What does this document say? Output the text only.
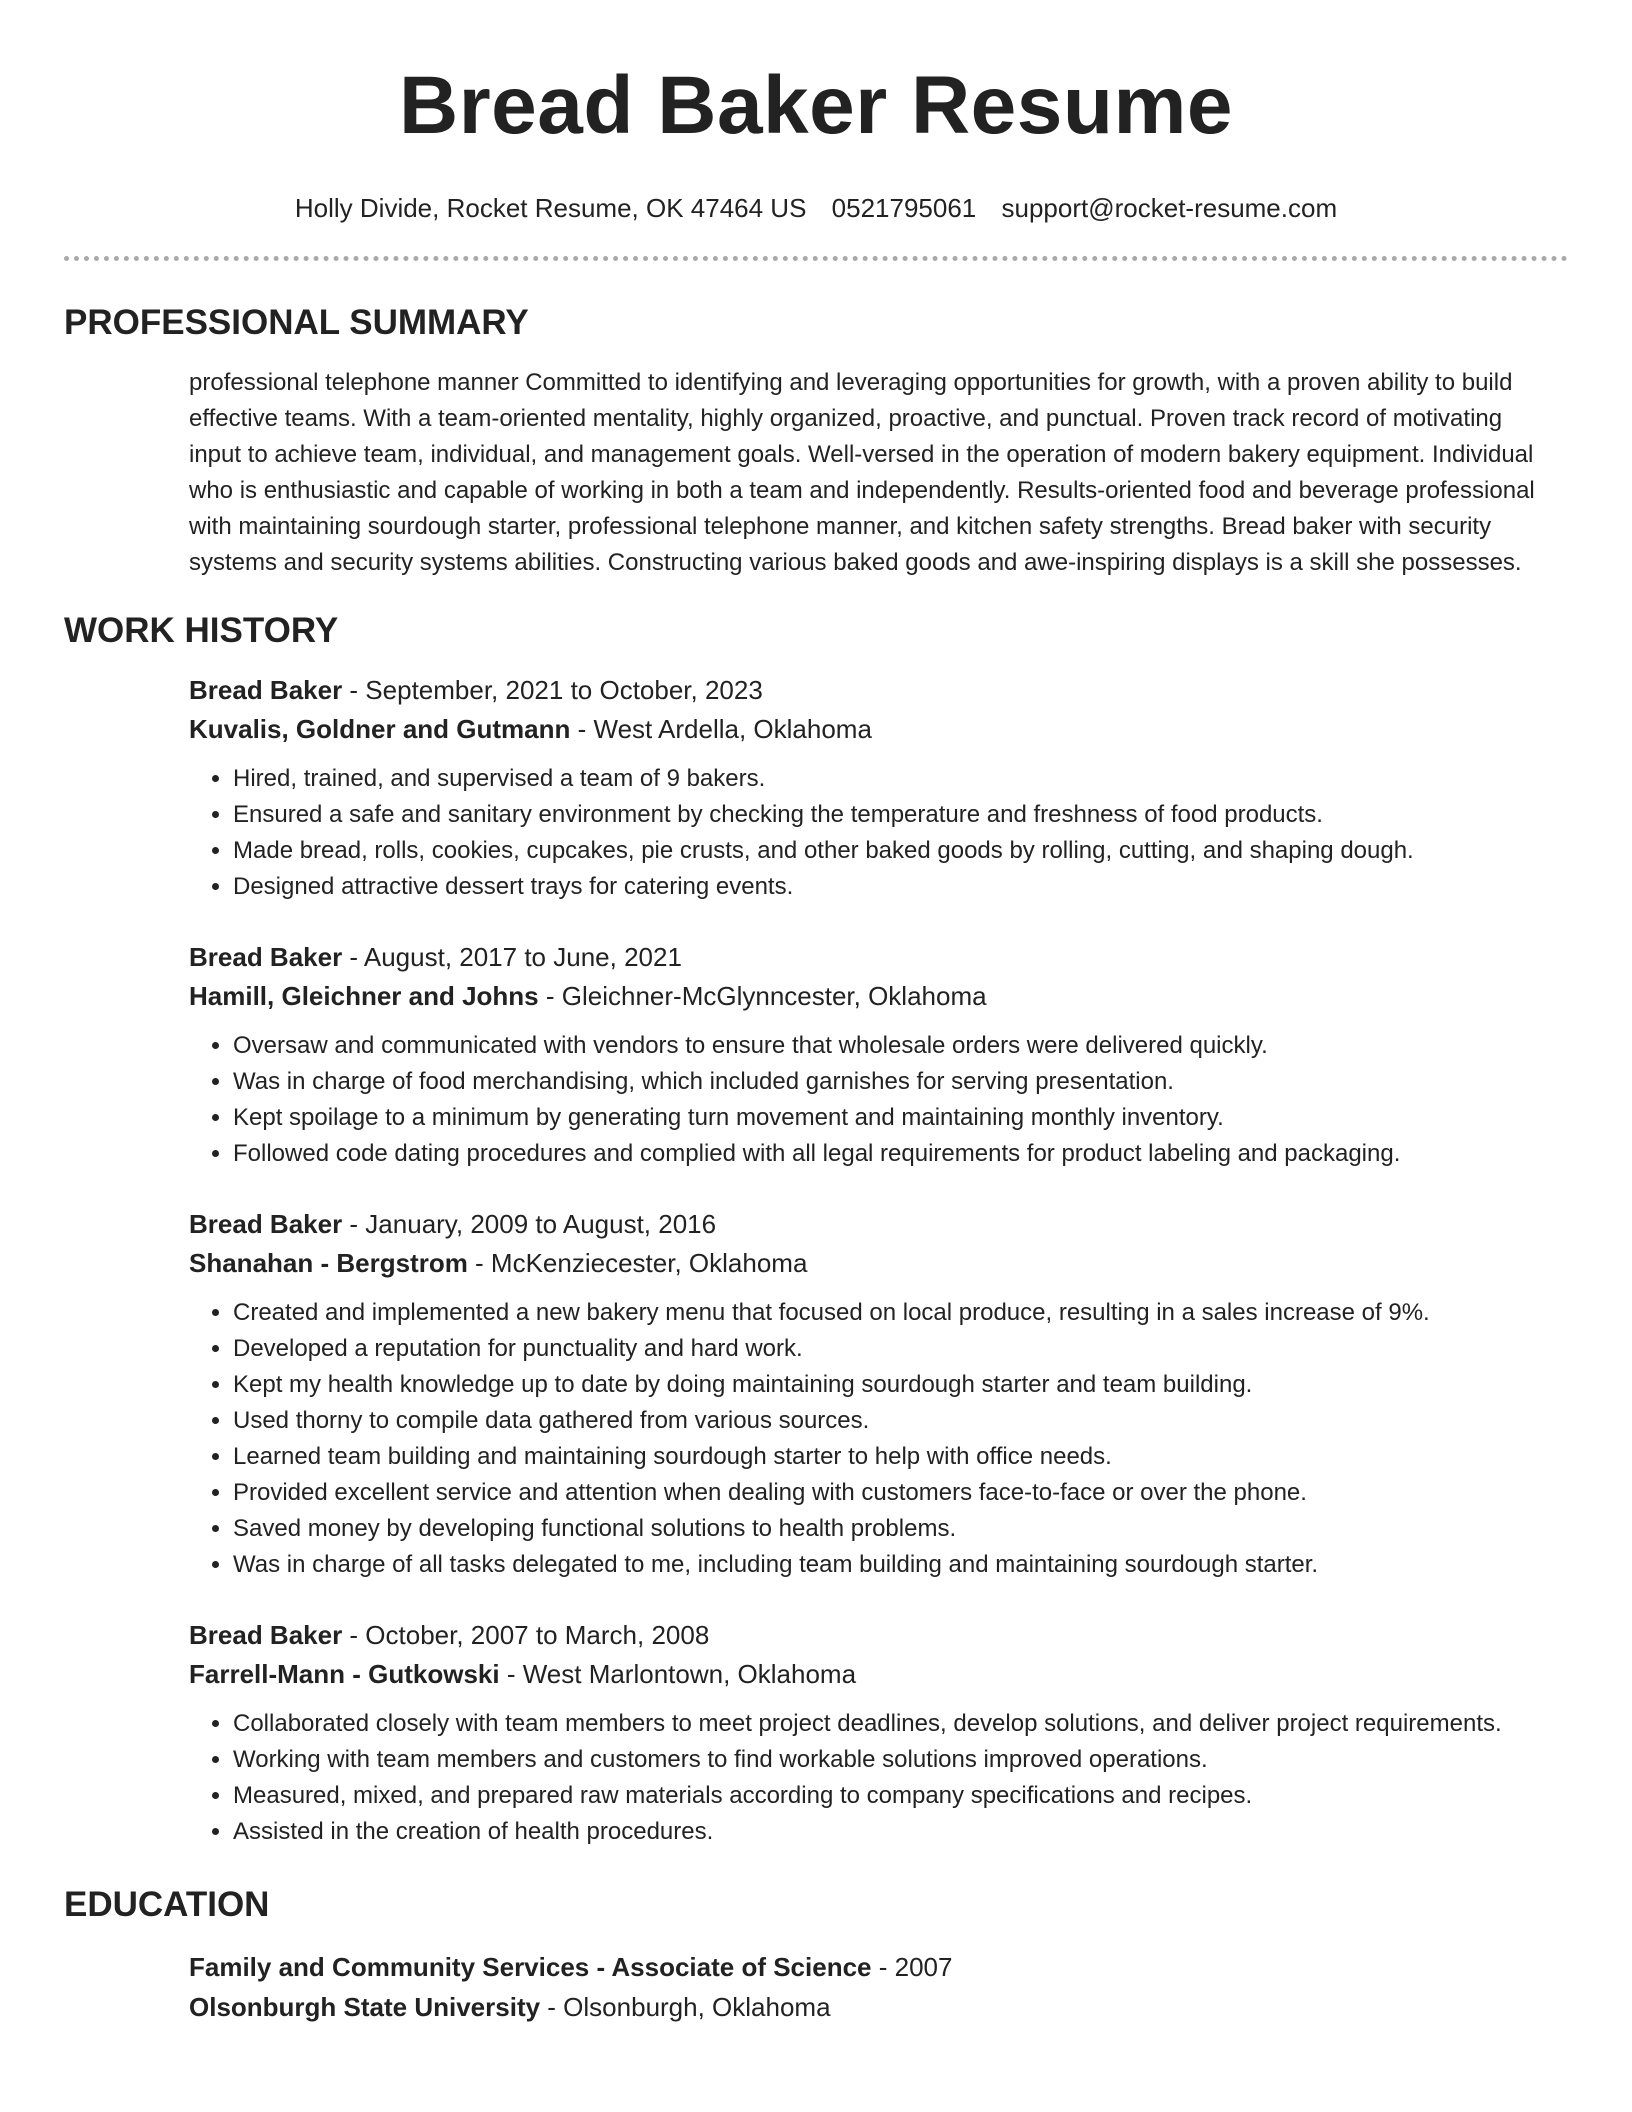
Bread Baker Resume
Holly Divide, Rocket Resume, OK 47464 US 0521795061 support@rocket-resume.com
PROFESSIONAL SUMMARY
professional telephone manner Committed to identifying and leveraging opportunities for growth, with a proven ability to build effective teams. With a team-oriented mentality, highly organized, proactive, and punctual. Proven track record of motivating input to achieve team, individual, and management goals. Well-versed in the operation of modern bakery equipment. Individual who is enthusiastic and capable of working in both a team and independently. Results-oriented food and beverage professional with maintaining sourdough starter, professional telephone manner, and kitchen safety strengths. Bread baker with security systems and security systems abilities. Constructing various baked goods and awe-inspiring displays is a skill she possesses.
WORK HISTORY
Bread Baker - September, 2021 to October, 2023
Kuvalis, Goldner and Gutmann - West Ardella, Oklahoma
• Hired, trained, and supervised a team of 9 bakers.
• Ensured a safe and sanitary environment by checking the temperature and freshness of food products.
• Made bread, rolls, cookies, cupcakes, pie crusts, and other baked goods by rolling, cutting, and shaping dough.
• Designed attractive dessert trays for catering events.
Bread Baker - August, 2017 to June, 2021
Hamill, Gleichner and Johns - Gleichner-McGlynncester, Oklahoma
• Oversaw and communicated with vendors to ensure that wholesale orders were delivered quickly.
• Was in charge of food merchandising, which included garnishes for serving presentation.
• Kept spoilage to a minimum by generating turn movement and maintaining monthly inventory.
• Followed code dating procedures and complied with all legal requirements for product labeling and packaging.
Bread Baker - January, 2009 to August, 2016
Shanahan - Bergstrom - McKenziecester, Oklahoma
• Created and implemented a new bakery menu that focused on local produce, resulting in a sales increase of 9%.
• Developed a reputation for punctuality and hard work.
• Kept my health knowledge up to date by doing maintaining sourdough starter and team building.
• Used thorny to compile data gathered from various sources.
• Learned team building and maintaining sourdough starter to help with office needs.
• Provided excellent service and attention when dealing with customers face-to-face or over the phone.
• Saved money by developing functional solutions to health problems.
• Was in charge of all tasks delegated to me, including team building and maintaining sourdough starter.
Bread Baker - October, 2007 to March, 2008
Farrell-Mann - Gutkowski - West Marlontown, Oklahoma
• Collaborated closely with team members to meet project deadlines, develop solutions, and deliver project requirements.
• Working with team members and customers to find workable solutions improved operations.
• Measured, mixed, and prepared raw materials according to company specifications and recipes.
• Assisted in the creation of health procedures.
EDUCATION
Family and Community Services - Associate of Science - 2007
Olsonburgh State University - Olsonburgh, Oklahoma
